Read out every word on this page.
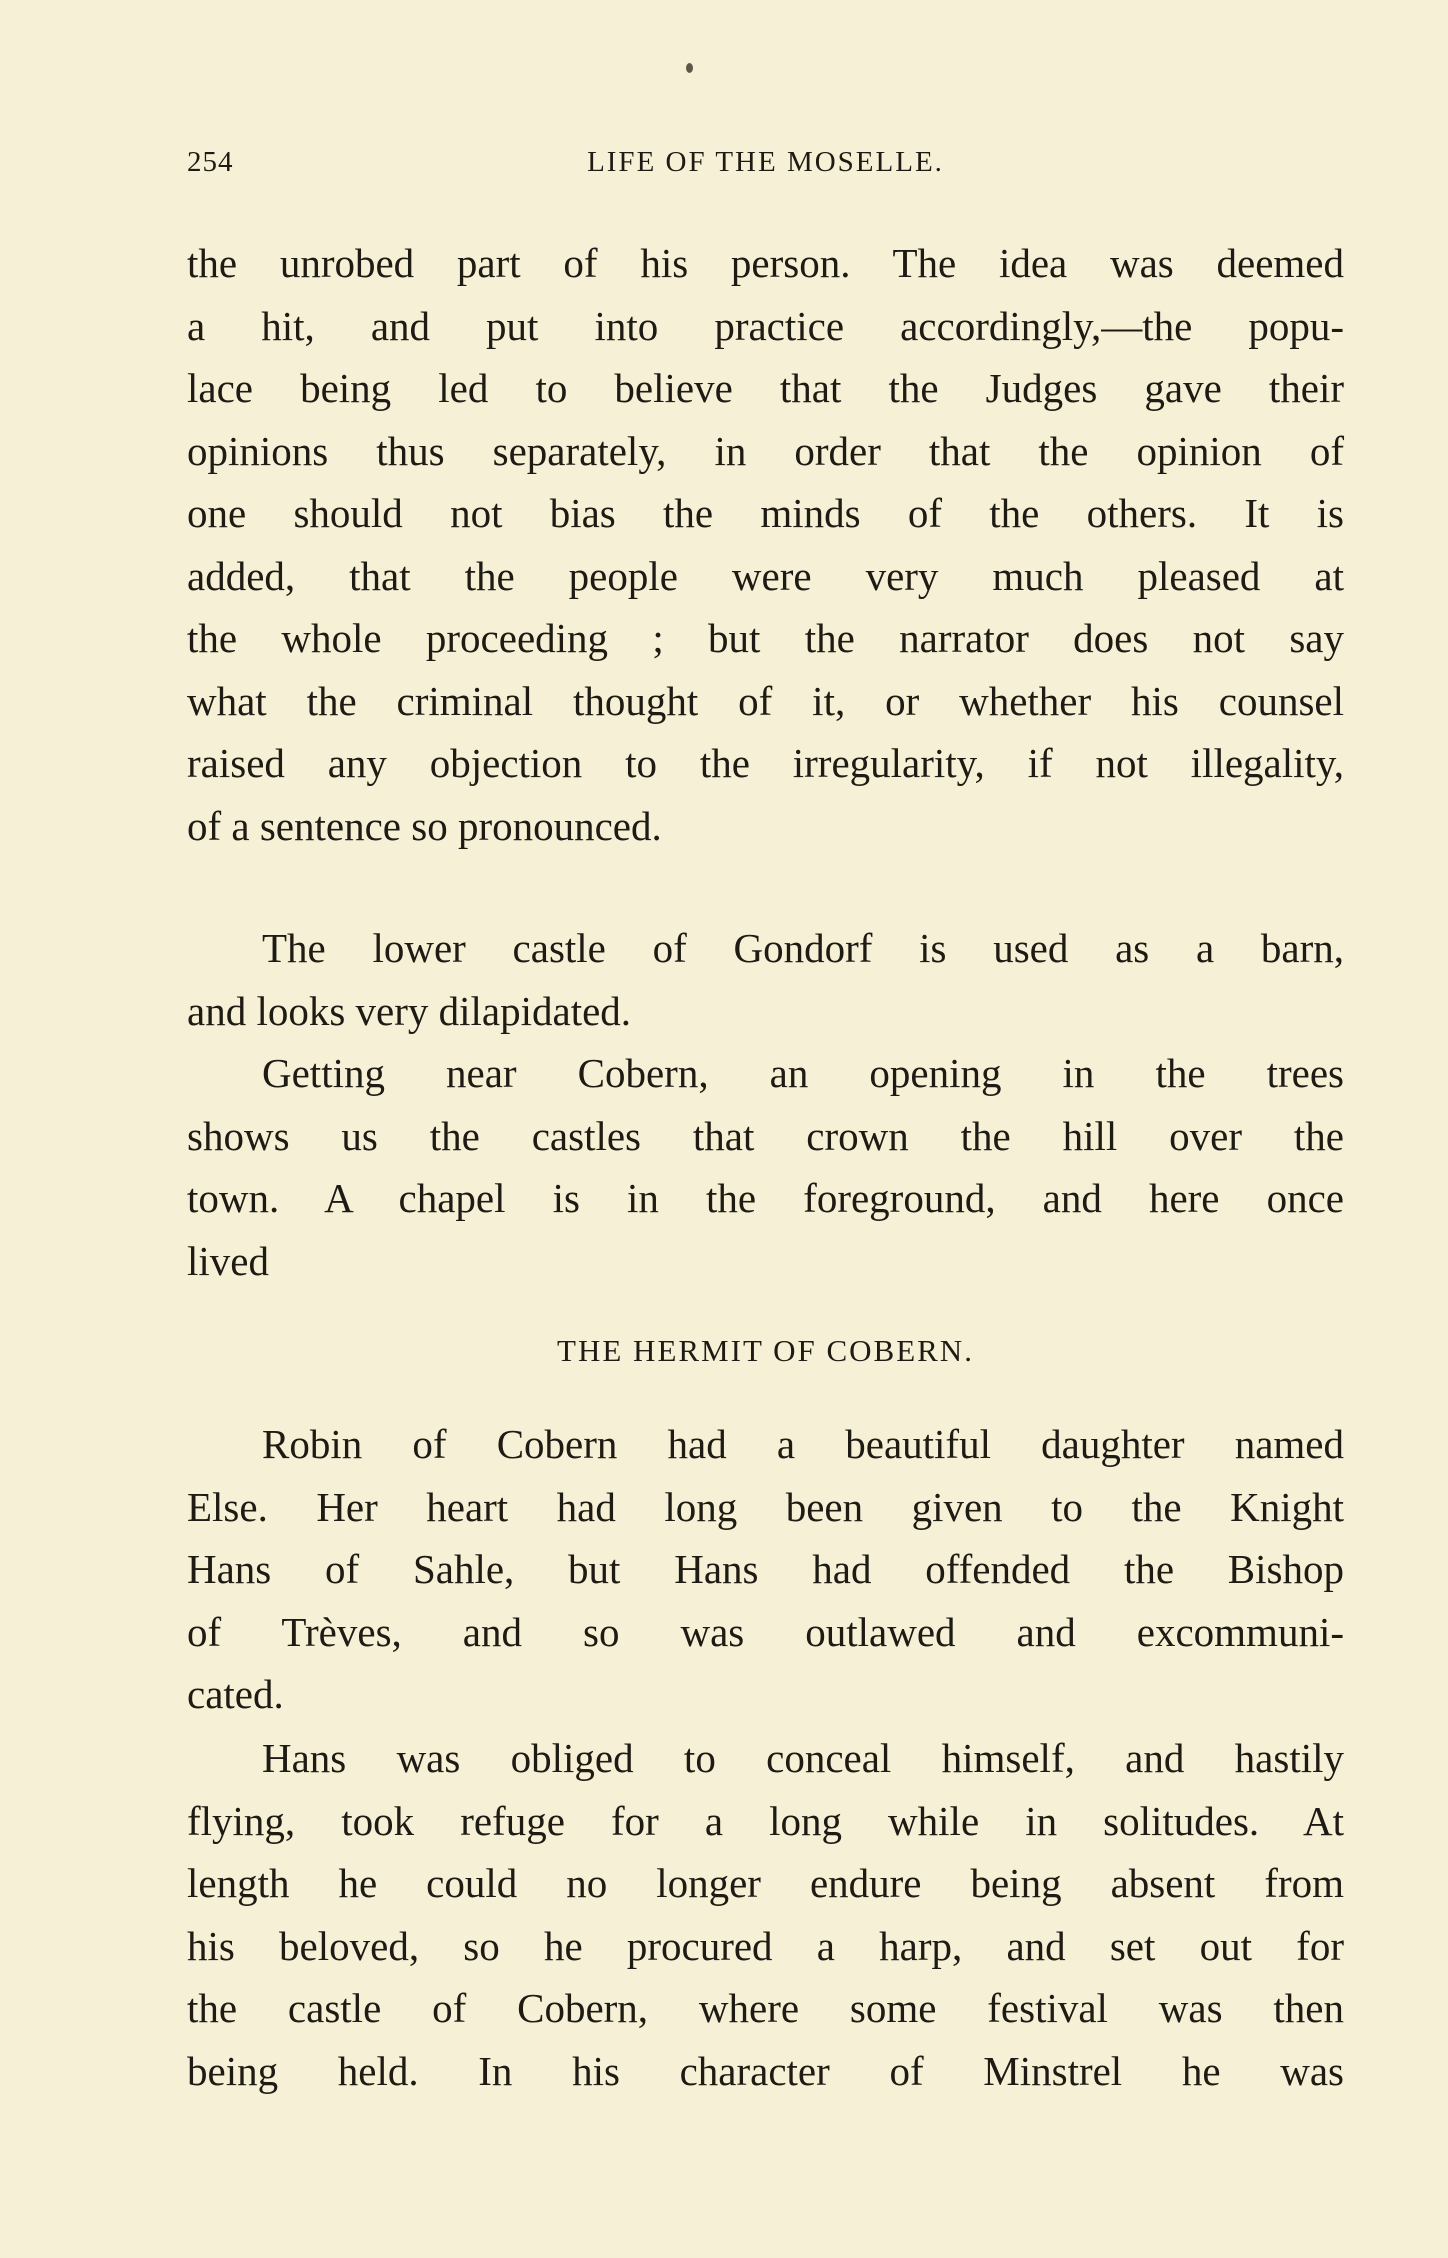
254	LIFE OF THE MOSELLE.
the unrobed part of his person. The idea was deemed
a hit, and put into practice accordingly,—the popu-
lace being led to believe that the Judges gave their
opinions thus separately, in order that the opinion of
one should not bias the minds of the others. It is
added, that the people were very much pleased at
the whole proceeding ; but the narrator does not say
what the criminal thought of it, or whether his counsel
raised any objection to the irregularity, if not illegality,
of a sentence so pronounced.
The lower castle of Gondorf is used as a barn,
and looks very dilapidated.
Getting near Cobern, an opening in the trees
shows us the castles that crown the hill over the
town. A chapel is in the foreground, and here once
lived
THE HERMIT OF COBERN.
Robin of Cobern had a beautiful daughter named
Else. Her heart had long been given to the Knight
Hans of Sahle, but Hans had offended the Bishop
of Trèves, and so was outlawed and excommuni-
cated.
Hans was obliged to conceal himself, and hastily
flying, took refuge for a long while in solitudes. At
length he could no longer endure being absent from
his beloved, so he procured a harp, and set out for
the castle of Cobern, where some festival was then
being held. In his character of Minstrel he was
